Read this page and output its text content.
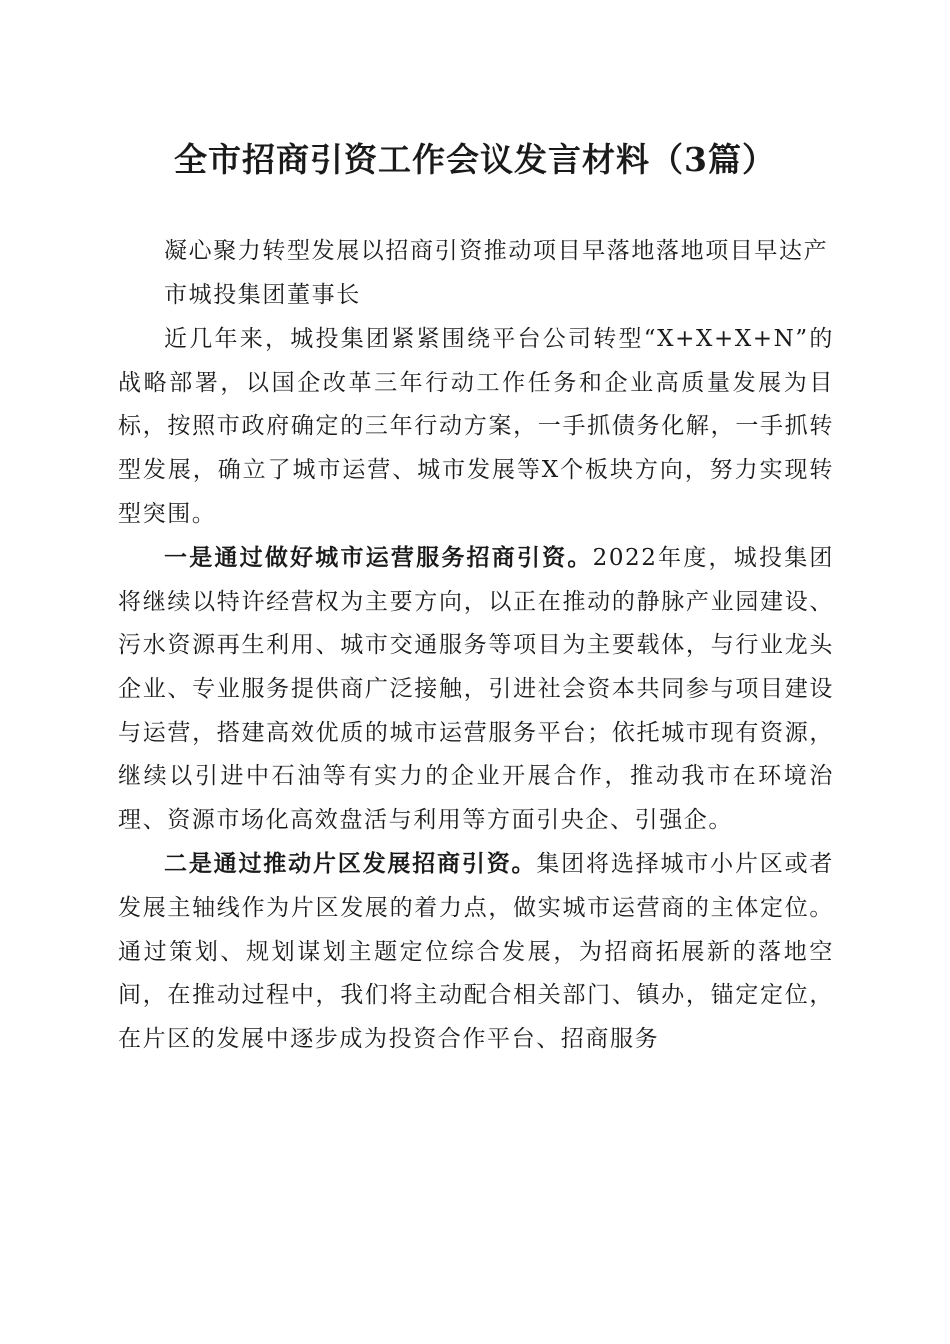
全市招商引资工作会议发言材料（3篇）

凝心聚力转型发展以招商引资推动项目早落地落地项目早达产

市城投集团董事长

近几年来，城投集团紧紧围绕平台公司转型“X+X+X+N”的战略部署，以国企改革三年行动工作任务和企业高质量发展为目标，按照市政府确定的三年行动方案，一手抓债务化解，一手抓转型发展，确立了城市运营、城市发展等X个板块方向，努力实现转型突围。

一是通过做好城市运营服务招商引资。2022年度，城投集团将继续以特许经营权为主要方向，以正在推动的静脉产业园建设、污水资源再生利用、城市交通服务等项目为主要载体，与行业龙头企业、专业服务提供商广泛接触，引进社会资本共同参与项目建设与运营，搭建高效优质的城市运营服务平台；依托城市现有资源，继续以引进中石油等有实力的企业开展合作，推动我市在环境治理、资源市场化高效盘活与利用等方面引央企、引强企。

二是通过推动片区发展招商引资。集团将选择城市小片区或者发展主轴线作为片区发展的着力点，做实城市运营商的主体定位。通过策划、规划谋划主题定位综合发展，为招商拓展新的落地空间，在推动过程中，我们将主动配合相关部门、镇办，锚定定位，在片区的发展中逐步成为投资合作平台、招商服务
